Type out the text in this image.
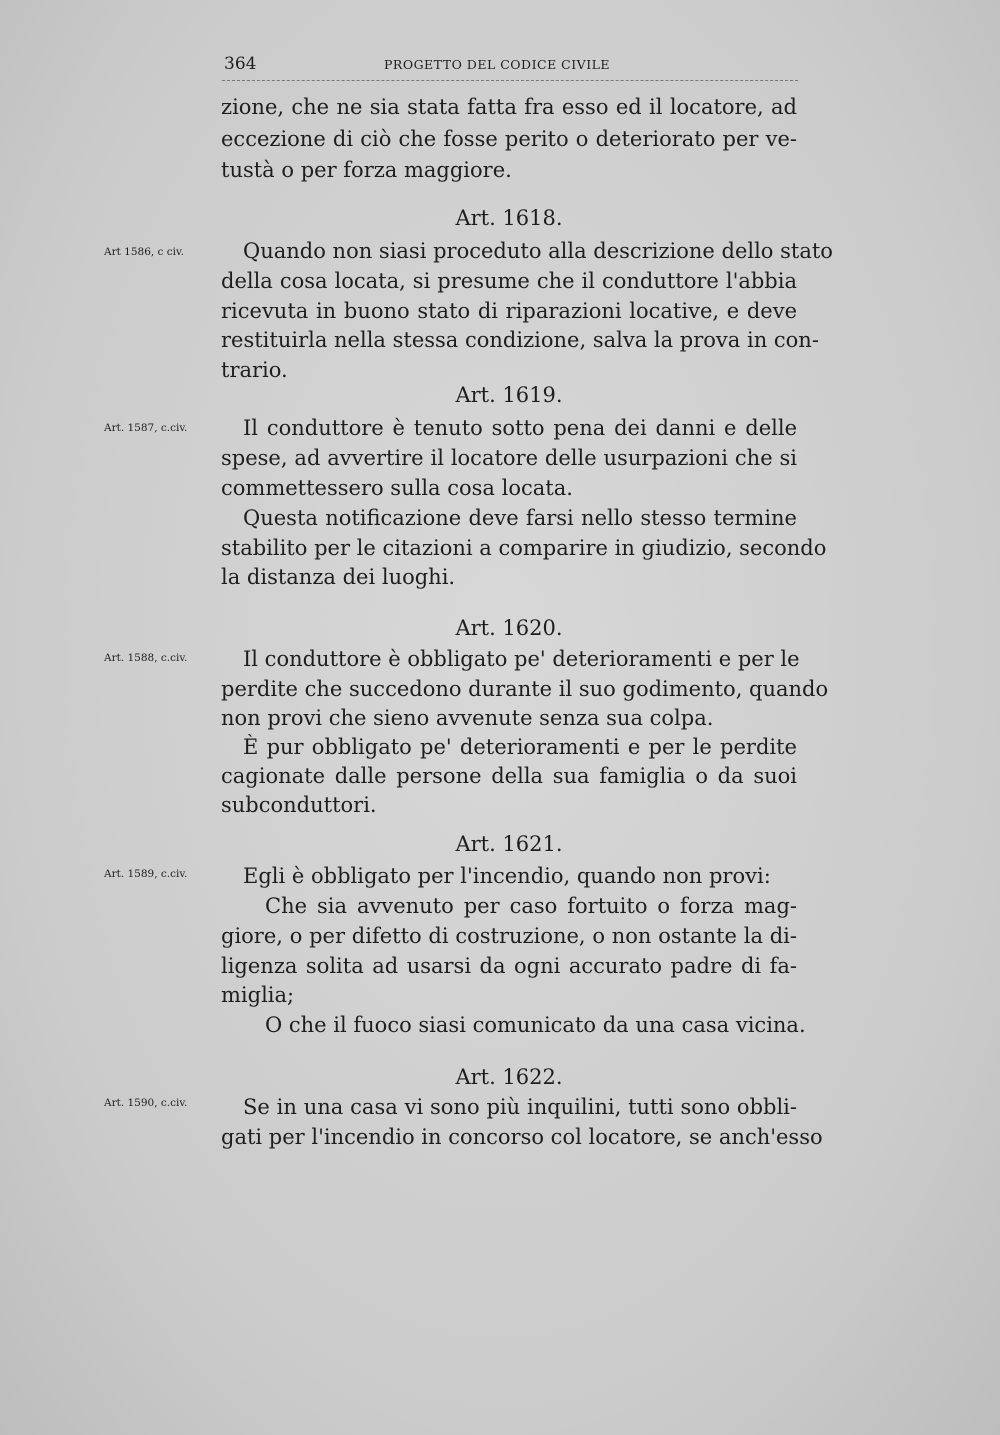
364	PROGETTO DEL CODICE CIVILE
zione, che ne sia stata fatta fra esso ed il locatore, ad
eccezione di ciò che fosse perito o deteriorato per ve-
tustà o per forza maggiore.
Art. 1618.
Art 1586, c civ.	Quando non siasi proceduto alla descrizione dello stato
della cosa locata, si presume che il conduttore l'abbia
ricevuta in buono stato di riparazioni locative, e deve
restituirla nella stessa condizione, salva la prova in con-
trario.
Art. 1619.
Art. 1587, c.civ.	Il conduttore è tenuto sotto pena dei danni e delle
spese, ad avvertire il locatore delle usurpazioni che si
commettessero sulla cosa locata.
Questa notificazione deve farsi nello stesso termine
stabilito per le citazioni a comparire in giudizio, secondo
la distanza dei luoghi.
Art. 1620.
Art. 1588, c.civ.	Il conduttore è obbligato pe' deterioramenti e per le
perdite che succedono durante il suo godimento, quando
non provi che sieno avvenute senza sua colpa.
È pur obbligato pe' deterioramenti e per le perdite
cagionate dalle persone della sua famiglia o da suoi
subconduttori.
Art. 1621.
Art. 1589, c.civ.	Egli è obbligato per l'incendio, quando non provi:
Che sia avvenuto per caso fortuito o forza mag-
giore, o per difetto di costruzione, o non ostante la di-
ligenza solita ad usarsi da ogni accurato padre di fa-
miglia;
O che il fuoco siasi comunicato da una casa vicina.
Art. 1622.
Art. 1590, c.civ.	Se in una casa vi sono più inquilini, tutti sono obbli-
gati per l'incendio in concorso col locatore, se anch'esso
